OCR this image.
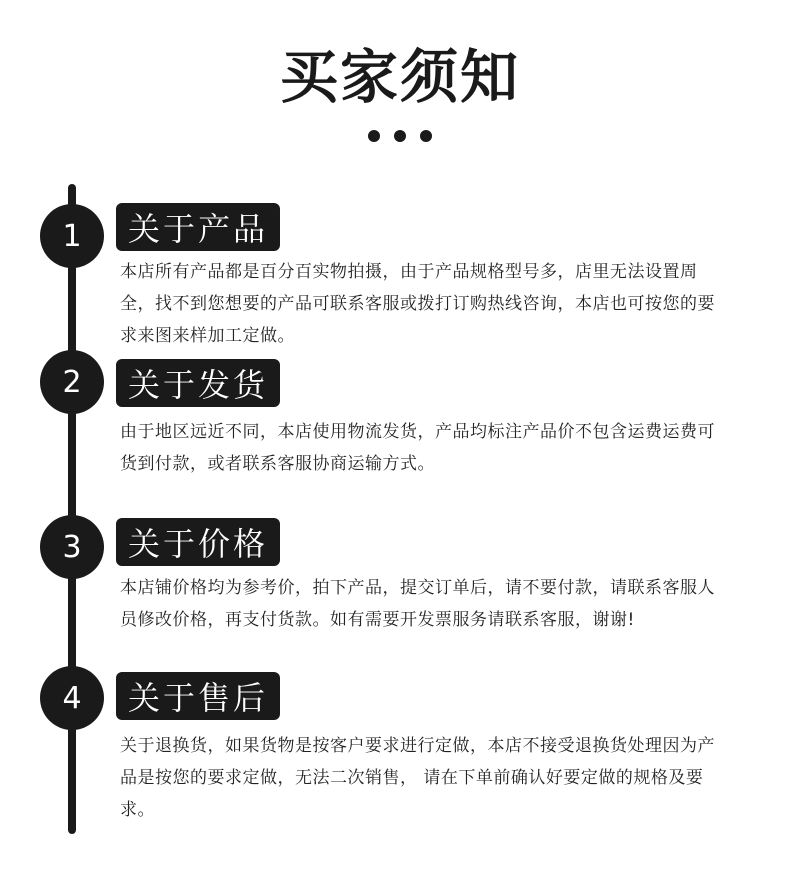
买家须知
1	关于产品
本店所有产品都是百分百实物拍摄，由于产品规格型号多，店里无法设置周全，找不到您想要的产品可联系客服或拨打订购热线咨询，本店也可按您的要求来图来样加工定做。
2	关于发货
由于地区远近不同，本店使用物流发货，产品均标注产品价不包含运费运费可货到付款，或者联系客服协商运输方式。
3	关于价格
本店铺价格均为参考价，拍下产品，提交订单后，请不要付款，请联系客服人员修改价格，再支付货款。如有需要开发票服务请联系客服，谢谢!
4	关于售后
关于退换货，如果货物是按客户要求进行定做，本店不接受退换货处理因为产品是按您的要求定做，无法二次销售， 请在下单前确认好要定做的规格及要求。
